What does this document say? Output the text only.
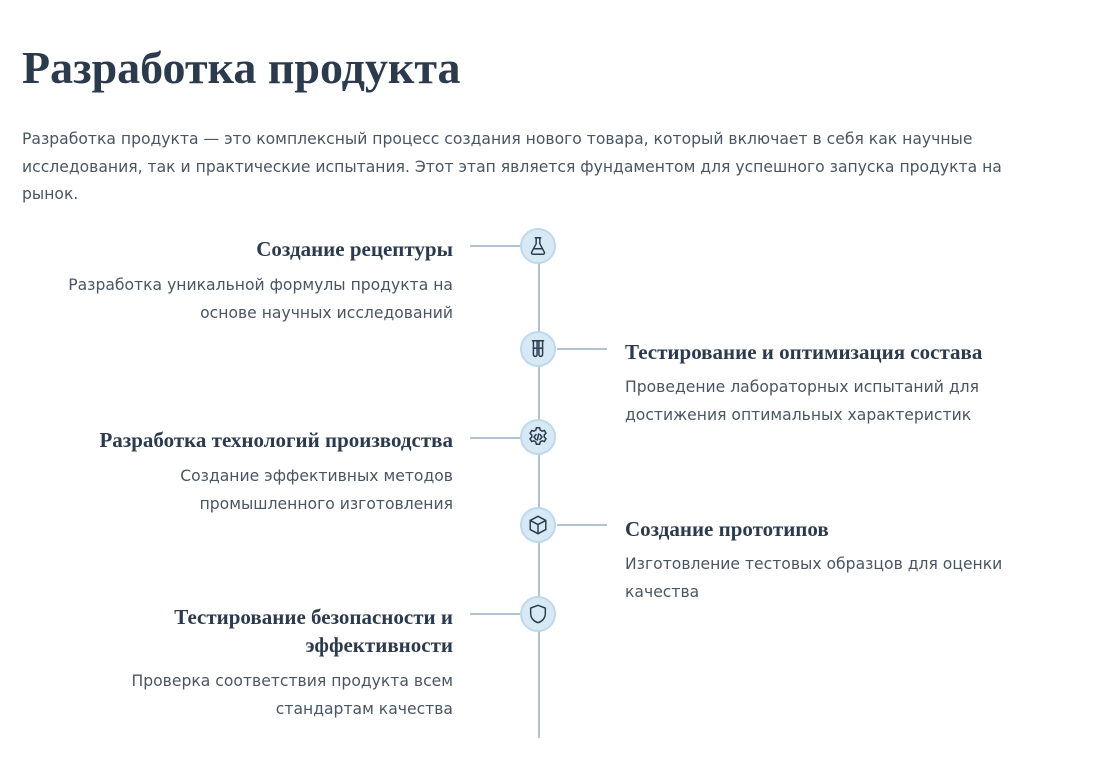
Разработка продукта

Разработка продукта — это комплексный процесс создания нового товара, который включает в себя как научные исследования, так и практические испытания. Этот этап является фундаментом для успешного запуска продукта на рынок.

Создание рецептуры

Разработка уникальной формулы продукта на основе научных исследований

Тестирование и оптимизация состава

Проведение лабораторных испытаний для достижения оптимальных характеристик

Разработка технологий производства

Создание эффективных методов промышленного изготовления

Создание прототипов

Изготовление тестовых образцов для оценки качества

Тестирование безопасности и эффективности

Проверка соответствия продукта всем стандартам качества
